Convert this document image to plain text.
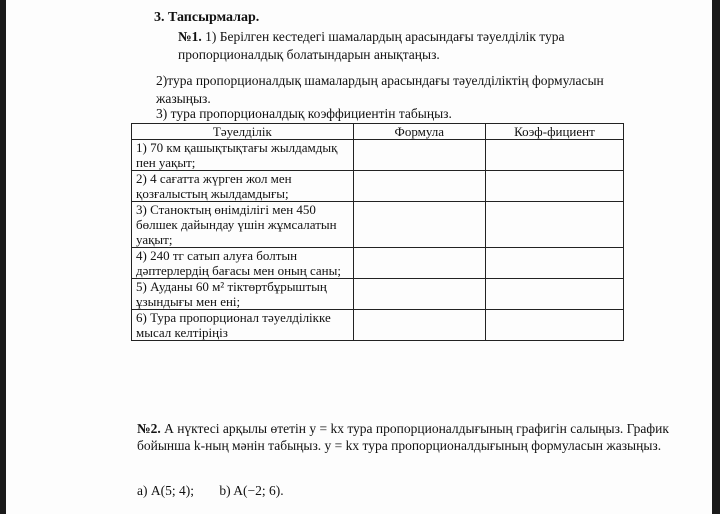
3. Тапсырмалар.
№1. 1) Берілген кестедегі шамалардың арасындағы тәуелділік тура пропорционалдық болатындарын анықтаңыз.
2)тура пропорционалдық шамалардың арасындағы тәуелділіктің формуласын жазыңыз.
3) тура пропорционалдық коэффициентін табыңыз.
Тәуелділік	Формула	Коэф-фициент
1) 70 км қашықтықтағы жылдамдық пен уақыт;		
2) 4 сағатта жүрген жол мен қозғалыстың жылдамдығы;		
3) Станоктың өнімділігі мен 450 бөлшек дайындау үшін жұмсалатын уақыт;		
4) 240 тг сатып алуға болтын дәптерлердің бағасы мен оның саны;		
5) Ауданы 60 м² тіктөртбұрыштың ұзындығы мен ені;		
6) Тура пропорционал тәуелділікке мысал келтіріңіз		
№2. А нүктесі арқылы өтетін y = kx тура пропорционалдығының графигін салыңыз. График бойынша k-ның мәнін табыңыз. y = kx тура пропорционалдығының формуласын жазыңыз.
а) A(5; 4); b) A(−2; 6).
